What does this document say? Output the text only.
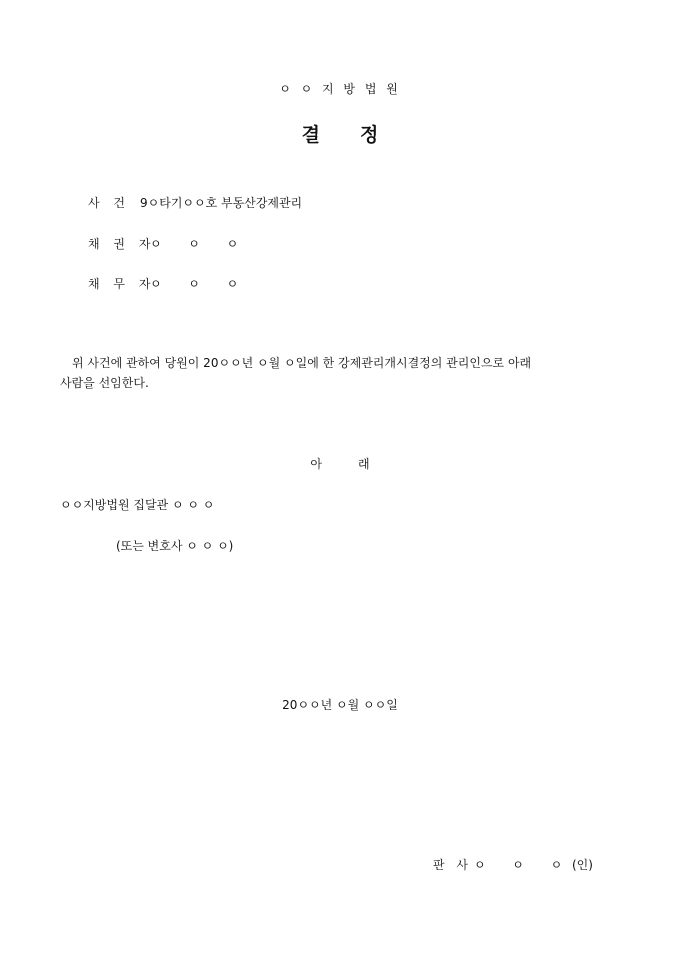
ㅇ ㅇ 지 방 법 원
결 정
사 건 9ㅇ타기ㅇㅇ호 부동산강제관리
채 권 자
ㅇ       ㅇ       ㅇ
채 무 자
ㅇ       ㅇ       ㅇ
위 사건에 관하여 당원이 20ㅇㅇ년 ㅇ월 ㅇ일에 한 강제관리개시결정의 관리인으로 아래
사람을 선임한다.
아	래
ㅇㅇ지방법원 집달관 ㅇ ㅇ ㅇ
(또는 변호사 ㅇ ㅇ ㅇ)
20ㅇㅇ년 ㅇ월 ㅇㅇ일
판 사 ㅇ       ㅇ       ㅇ (인)
